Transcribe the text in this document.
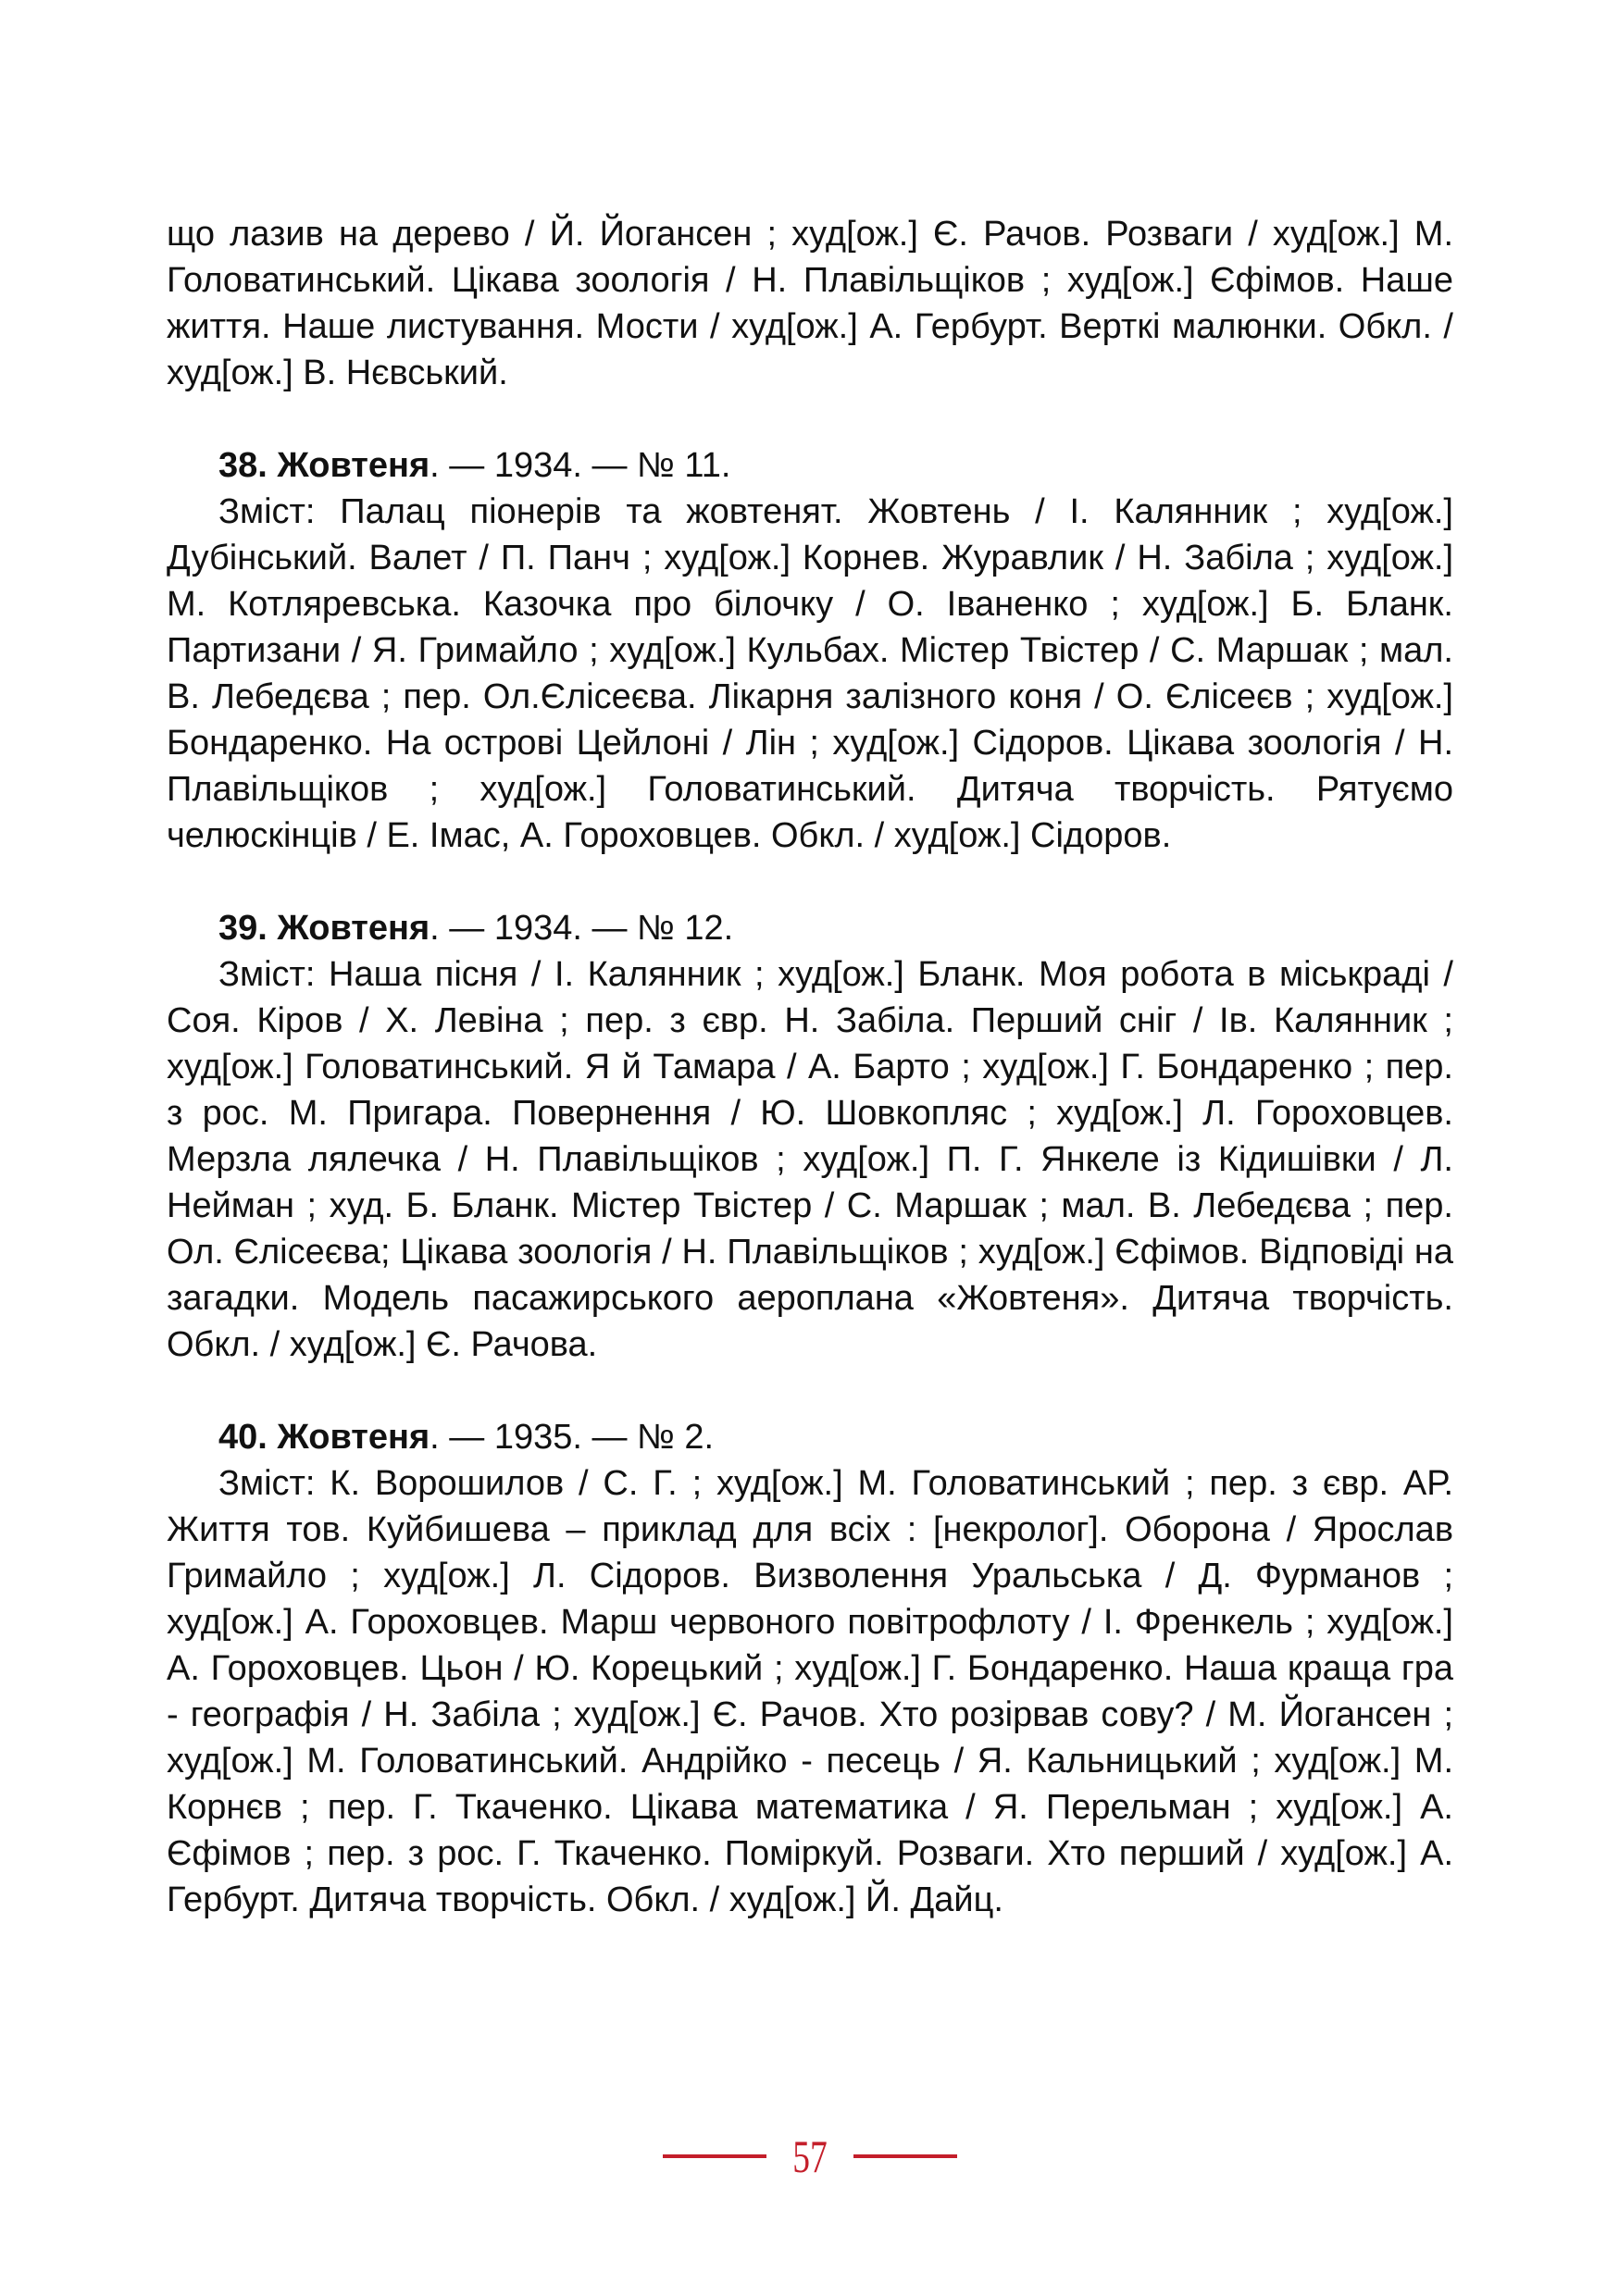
що лазив на дерево / Й. Йогансен ; худ[ож.] Є. Рачов. Розваги / худ[ож.] М. Головатинський. Цікава зоологія / Н. Плавільщіков ; худ[ож.] Єфімов. Наше життя. Наше листування. Мости / худ[ож.] А. Гербурт. Верткі малюнки. Обкл. / худ[ож.] В. Нєвський.

38. Жовтеня. — 1934. — № 11.

Зміст: Палац піонерів та жовтенят. Жовтень / І. Калянник ; худ[ож.] Дубінський. Валет / П. Панч ; худ[ож.] Корнев. Журавлик / Н. Забіла ; худ[ож.] М. Котляревська. Казочка про білочку / О. Іваненко ; худ[ож.] Б. Бланк. Партизани / Я. Гримайло ; худ[ож.] Кульбах. Містер Твістер / С. Маршак ; мал. В. Лебедєва ; пер. Ол.Єлісеєва. Лікарня залізного коня / О. Єлісеєв ; худ[ож.] Бондаренко. На острові Цейлоні / Лін ; худ[ож.] Сідоров. Цікава зоологія / Н. Плавільщіков ; худ[ож.] Головатинський. Дитяча творчість. Рятуємо челюскінців / Е. Імас, А. Гороховцев. Обкл. / худ[ож.] Сідоров.

39. Жовтеня. — 1934. — № 12.

Зміст: Наша пісня / І. Калянник ; худ[ож.] Бланк. Моя робота в міськраді / Соя. Кіров / Х. Левіна ; пер. з євр. Н. Забіла. Перший сніг / Ів. Калянник ; худ[ож.] Головатинський. Я й Тамара / А. Барто ; худ[ож.] Г. Бондаренко ; пер. з рос. М. Пригара. Повернення / Ю. Шовкопляс ; худ[ож.] Л. Гороховцев. Мерзла лялечка / Н. Плавільщіков ; худ[ож.] П. Г. Янкеле із Кідишівки / Л. Нейман ; худ. Б. Бланк. Містер Твістер / С. Маршак ; мал. В. Лебедєва ; пер. Ол. Єлісеєва; Цікава зоологія / Н. Плавільщіков ; худ[ож.] Єфімов. Відповіді на загадки. Модель пасажирського аероплана «Жовтеня». Дитяча творчість. Обкл. / худ[ож.] Є. Рачова.

40. Жовтеня. — 1935. — № 2.

Зміст: К. Ворошилов / С. Г. ; худ[ож.] М. Головатинський ; пер. з євр. АР. Життя тов. Куйбишева – приклад для всіх : [некролог]. Оборона / Ярослав Гримайло ; худ[ож.] Л. Сідоров. Визволення Уральська / Д. Фурманов ; худ[ож.] А. Гороховцев. Марш червоного повітрофлоту / І. Френкель ; худ[ож.] А. Гороховцев. Цьон / Ю. Корецький ; худ[ож.] Г. Бондаренко. Наша краща гра - географія / Н. Забіла ; худ[ож.] Є. Рачов. Хто розірвав сову? / М. Йогансен ; худ[ож.] М. Головатинський. Андрійко - песець / Я. Кальницький ; худ[ож.] М. Корнєв ; пер. Г. Ткаченко. Цікава математика / Я. Перельман ; худ[ож.] А. Єфімов ; пер. з рос. Г. Ткаченко. Поміркуй. Розваги. Хто перший / худ[ож.] А. Гербурт. Дитяча творчість. Обкл. / худ[ож.] Й. Дайц.

57
